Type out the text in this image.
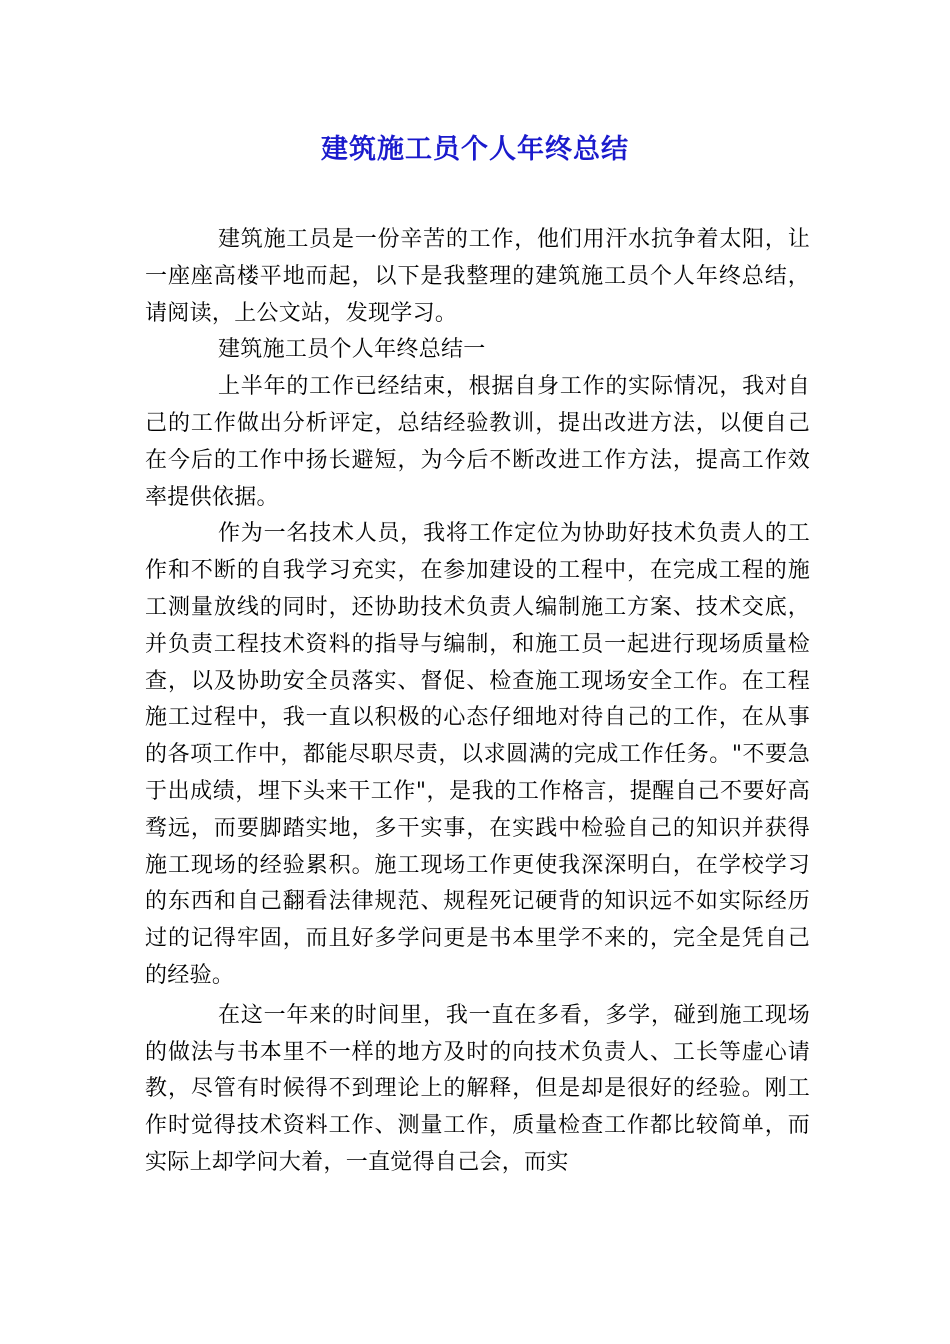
建筑施工员个人年终总结

建筑施工员是一份辛苦的工作，他们用汗水抗争着太阳，让一座座高楼平地而起，以下是我整理的建筑施工员个人年终总结，请阅读，上公文站，发现学习。

建筑施工员个人年终总结一

上半年的工作已经结束，根据自身工作的实际情况，我对自己的工作做出分析评定，总结经验教训，提出改进方法，以便自己在今后的工作中扬长避短，为今后不断改进工作方法，提高工作效率提供依据。

作为一名技术人员，我将工作定位为协助好技术负责人的工作和不断的自我学习充实，在参加建设的工程中，在完成工程的施工测量放线的同时，还协助技术负责人编制施工方案、技术交底，并负责工程技术资料的指导与编制，和施工员一起进行现场质量检查，以及协助安全员落实、督促、检查施工现场安全工作。在工程施工过程中，我一直以积极的心态仔细地对待自己的工作，在从事的各项工作中，都能尽职尽责，以求圆满的完成工作任务。"不要急于出成绩，埋下头来干工作"，是我的工作格言，提醒自己不要好高骛远，而要脚踏实地，多干实事，在实践中检验自己的知识并获得施工现场的经验累积。施工现场工作更使我深深明白，在学校学习的东西和自己翻看法律规范、规程死记硬背的知识远不如实际经历过的记得牢固，而且好多学问更是书本里学不来的，完全是凭自己的经验。

在这一年来的时间里，我一直在多看，多学，碰到施工现场的做法与书本里不一样的地方及时的向技术负责人、工长等虚心请教，尽管有时候得不到理论上的解释，但是却是很好的经验。刚工作时觉得技术资料工作、测量工作，质量检查工作都比较简单，而实际上却学问大着，一直觉得自己会，而实
